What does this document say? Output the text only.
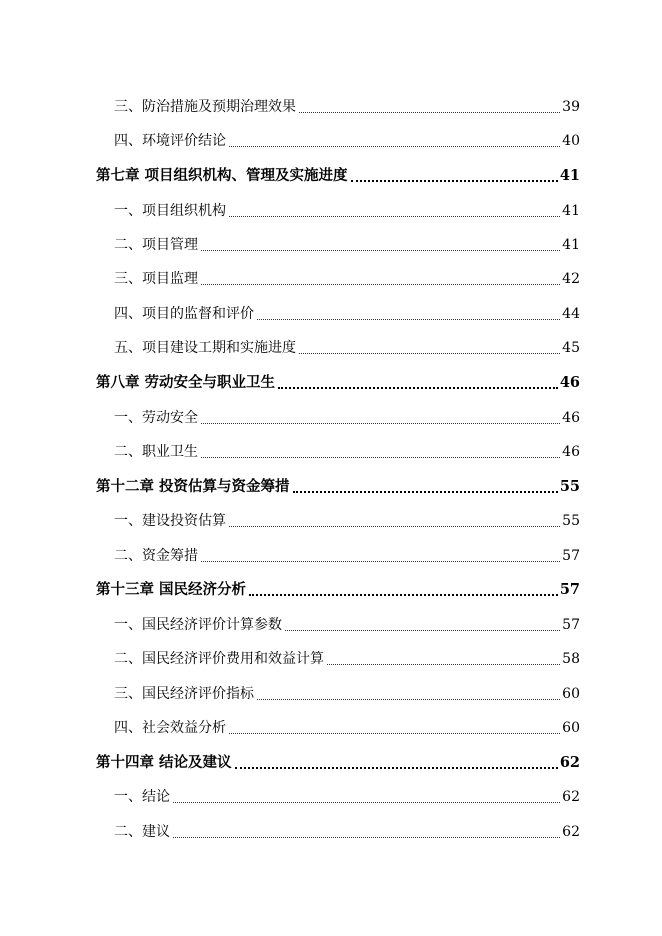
三、防治措施及预期治理效果	39
四、环境评价结论	40
第七章 项目组织机构、管理及实施进度	41
一、项目组织机构	41
二、项目管理	41
三、项目监理	42
四、项目的监督和评价	44
五、项目建设工期和实施进度	45
第八章 劳动安全与职业卫生	46
一、劳动安全	46
二、职业卫生	46
第十二章 投资估算与资金筹措	55
一、建设投资估算	55
二、资金筹措	57
第十三章 国民经济分析	57
一、国民经济评价计算参数	57
二、国民经济评价费用和效益计算	58
三、国民经济评价指标	60
四、社会效益分析	60
第十四章 结论及建议	62
一、结论	62
二、建议	62
